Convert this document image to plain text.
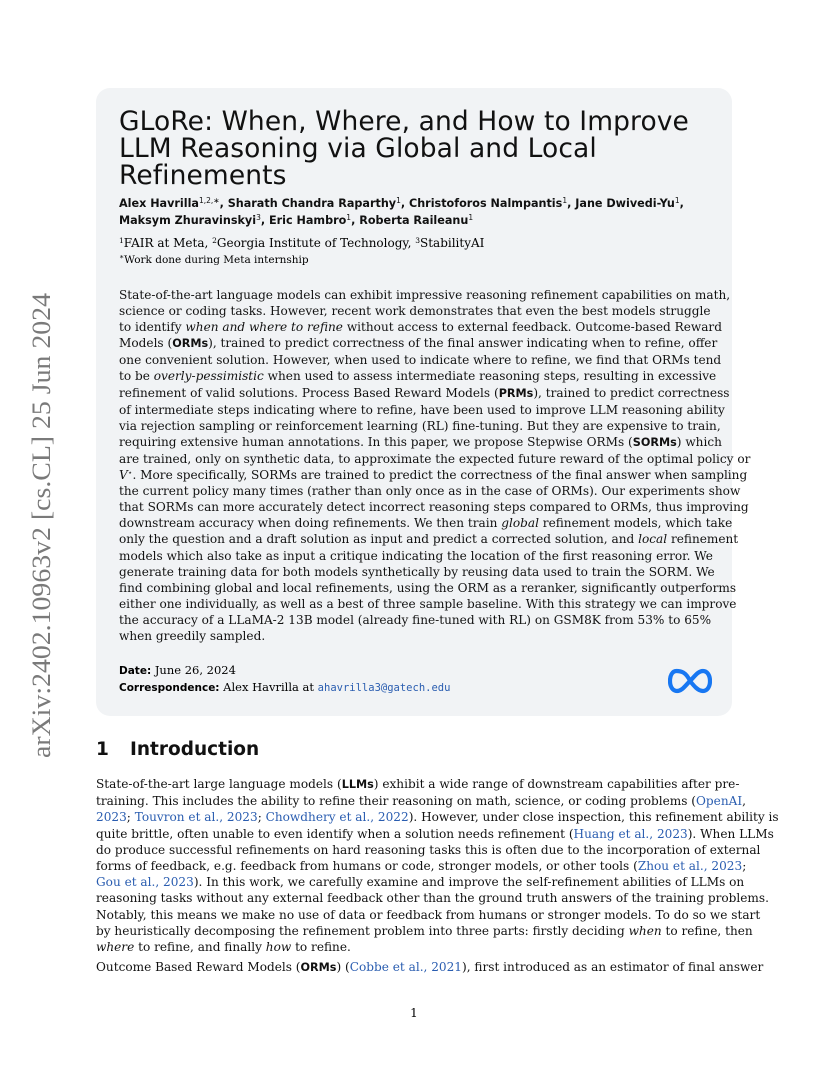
arXiv:2402.10963v2 [cs.CL] 25 Jun 2024
GLoRe: When, Where, and How to Improve
LLM Reasoning via Global and Local
Refinements
Alex Havrilla$^{1,2,∗}$, Sharath Chandra Raparthy$^1$, Christoforos Nalmpantis$^1$, Jane Dwivedi-Yu$^1$,
Maksym Zhuravinskyi$^3$, Eric Hambro$^1$, Roberta Raileanu$^1$
$^1$FAIR at Meta, $^2$Georgia Institute of Technology, $^3$StabilityAI
∗Work done during Meta internship
State-of-the-art language models can exhibit impressive reasoning refinement capabilities on math,
science or coding tasks. However, recent work demonstrates that even the best models struggle
to identify when and where to refine without access to external feedback. Outcome-based Reward
Models (ORMs), trained to predict correctness of the final answer indicating when to refine, offer
one convenient solution. However, when used to indicate where to refine, we find that ORMs tend
to be overly-pessimistic when used to assess intermediate reasoning steps, resulting in excessive
refinement of valid solutions. Process Based Reward Models (PRMs), trained to predict correctness
of intermediate steps indicating where to refine, have been used to improve LLM reasoning ability
via rejection sampling or reinforcement learning (RL) fine-tuning. But they are expensive to train,
requiring extensive human annotations. In this paper, we propose Stepwise ORMs (SORMs) which
are trained, only on synthetic data, to approximate the expected future reward of the optimal policy or
V⋆. More specifically, SORMs are trained to predict the correctness of the final answer when sampling
the current policy many times (rather than only once as in the case of ORMs). Our experiments show
that SORMs can more accurately detect incorrect reasoning steps compared to ORMs, thus improving
downstream accuracy when doing refinements. We then train global refinement models, which take
only the question and a draft solution as input and predict a corrected solution, and local refinement
models which also take as input a critique indicating the location of the first reasoning error. We
generate training data for both models synthetically by reusing data used to train the SORM. We
find combining global and local refinements, using the ORM as a reranker, significantly outperforms
either one individually, as well as a best of three sample baseline. With this strategy we can improve
the accuracy of a LLaMA-2 13B model (already fine-tuned with RL) on GSM8K from 53% to 65%
when greedily sampled.
Date: June 26, 2024
Correspondence: Alex Havrilla at ahavrilla3@gatech.edu
1 Introduction
State-of-the-art large language models (LLMs) exhibit a wide range of downstream capabilities after pre-
training. This includes the ability to refine their reasoning on math, science, or coding problems (OpenAI,
2023; Touvron et al., 2023; Chowdhery et al., 2022). However, under close inspection, this refinement ability is
quite brittle, often unable to even identify when a solution needs refinement (Huang et al., 2023). When LLMs
do produce successful refinements on hard reasoning tasks this is often due to the incorporation of external
forms of feedback, e.g. feedback from humans or code, stronger models, or other tools (Zhou et al., 2023;
Gou et al., 2023). In this work, we carefully examine and improve the self-refinement abilities of LLMs on
reasoning tasks without any external feedback other than the ground truth answers of the training problems.
Notably, this means we make no use of data or feedback from humans or stronger models. To do so we start
by heuristically decomposing the refinement problem into three parts: firstly deciding when to refine, then
where to refine, and finally how to refine.
Outcome Based Reward Models (ORMs) (Cobbe et al., 2021), first introduced as an estimator of final answer
1
